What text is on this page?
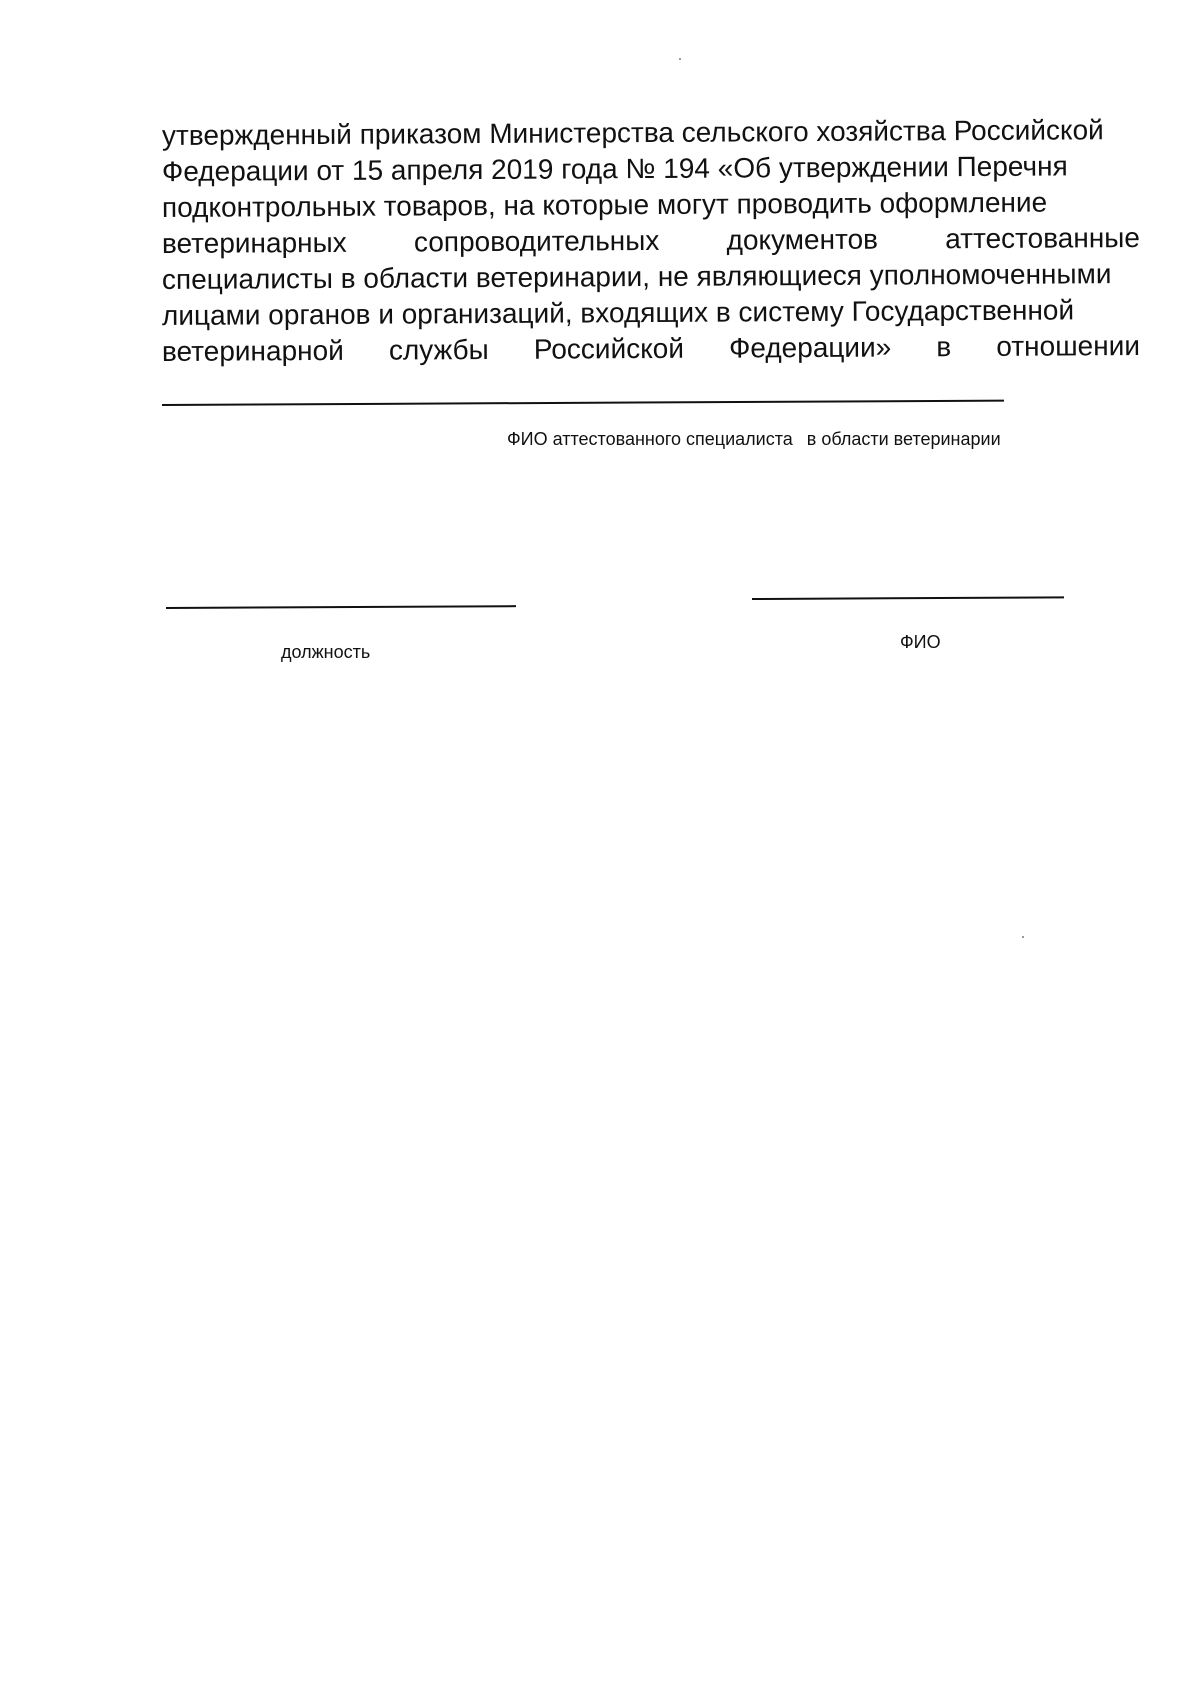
утвержденный приказом Министерства сельского хозяйства Российской
Федерации от 15 апреля 2019 года № 194 «Об утверждении Перечня
подконтрольных товаров, на которые могут проводить оформление
ветеринарных сопроводительных документов аттестованные
специалисты в области ветеринарии, не являющиеся уполномоченными
лицами органов и организаций, входящих в систему Государственной
ветеринарной службы Российской Федерации» в отношении
ФИО аттестованного специалиста в области ветеринарии
должность	ФИО
